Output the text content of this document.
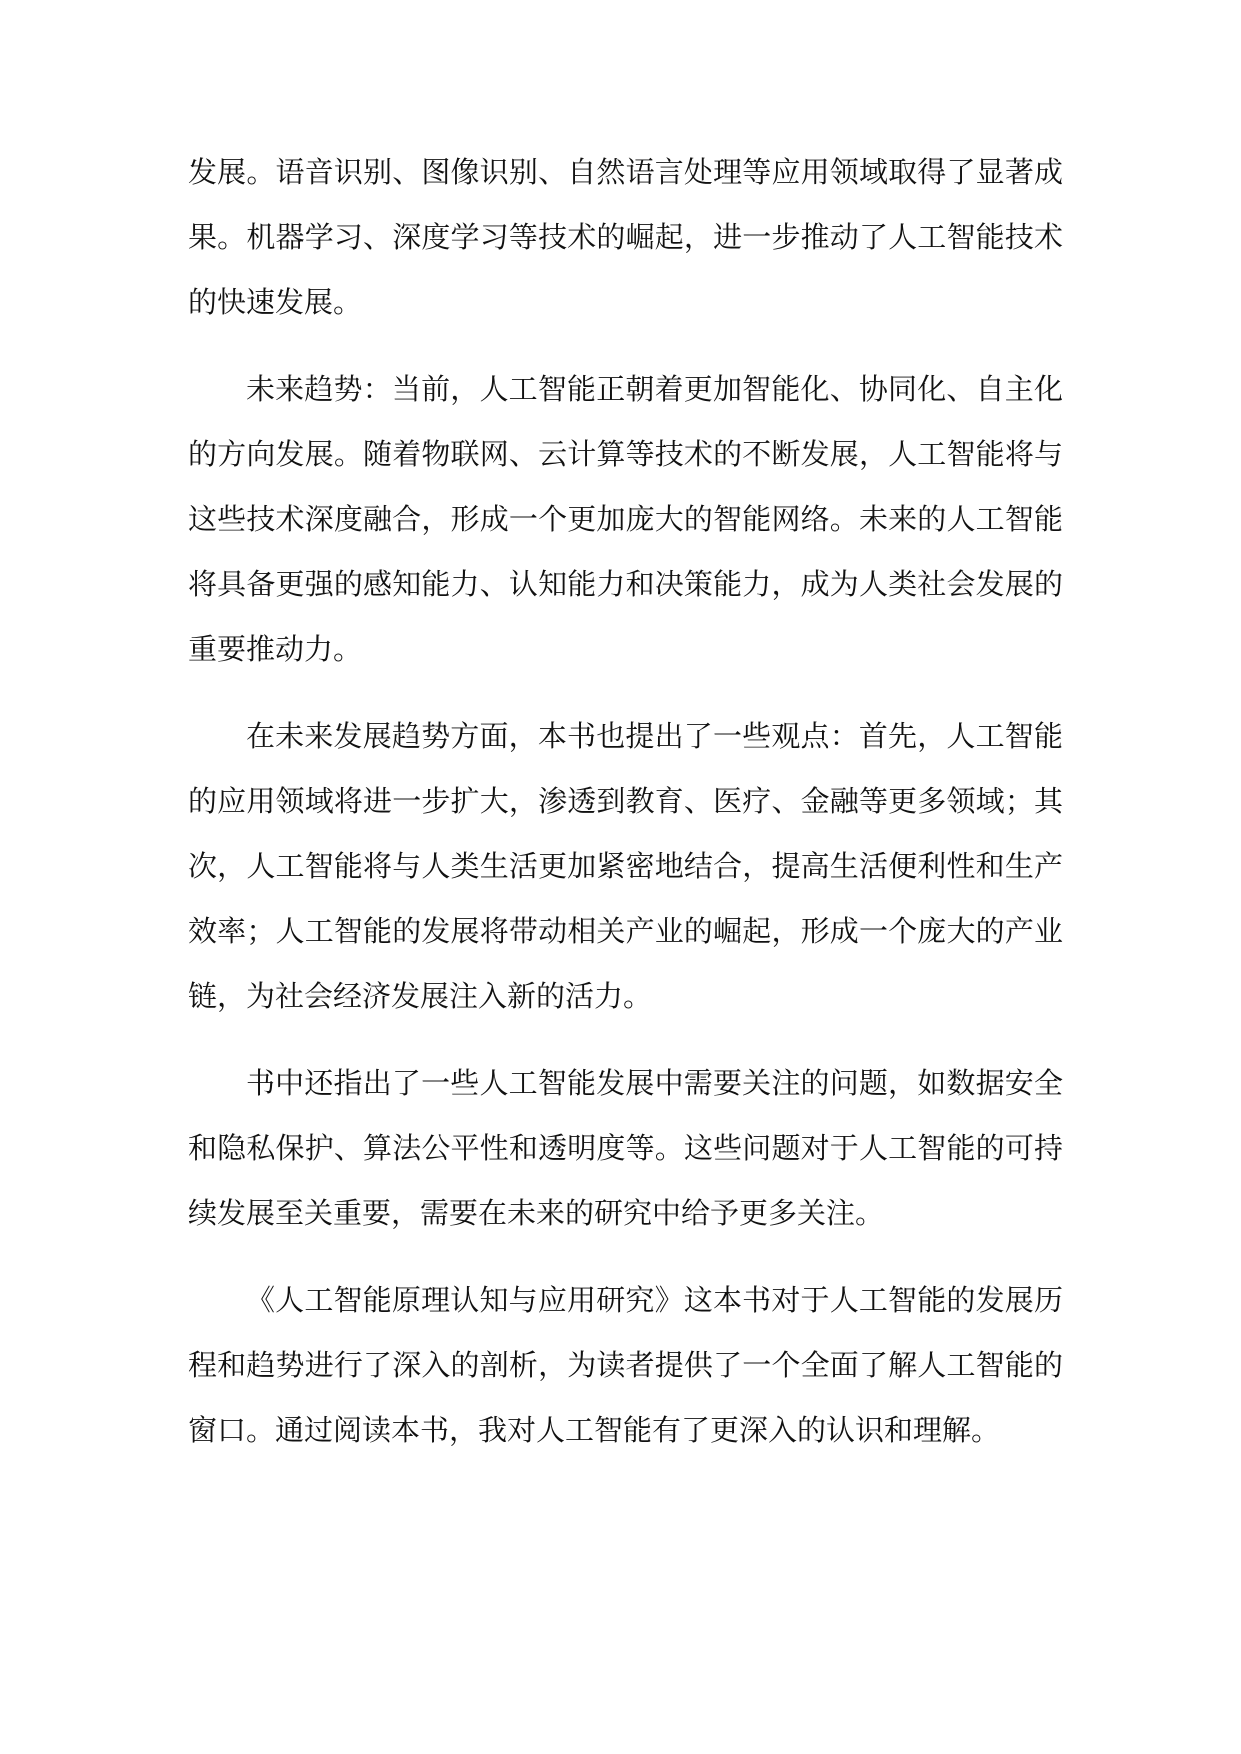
发展。语音识别、图像识别、自然语言处理等应用领域取得了显著成
果。机器学习、深度学习等技术的崛起，进一步推动了人工智能技术
的快速发展。
未来趋势：当前，人工智能正朝着更加智能化、协同化、自主化
的方向发展。随着物联网、云计算等技术的不断发展，人工智能将与
这些技术深度融合，形成一个更加庞大的智能网络。未来的人工智能
将具备更强的感知能力、认知能力和决策能力，成为人类社会发展的
重要推动力。
在未来发展趋势方面，本书也提出了一些观点：首先，人工智能
的应用领域将进一步扩大，渗透到教育、医疗、金融等更多领域；其
次，人工智能将与人类生活更加紧密地结合，提高生活便利性和生产
效率；人工智能的发展将带动相关产业的崛起，形成一个庞大的产业
链，为社会经济发展注入新的活力。
书中还指出了一些人工智能发展中需要关注的问题，如数据安全
和隐私保护、算法公平性和透明度等。这些问题对于人工智能的可持
续发展至关重要，需要在未来的研究中给予更多关注。
《人工智能原理认知与应用研究》这本书对于人工智能的发展历
程和趋势进行了深入的剖析，为读者提供了一个全面了解人工智能的
窗口。通过阅读本书，我对人工智能有了更深入的认识和理解。
